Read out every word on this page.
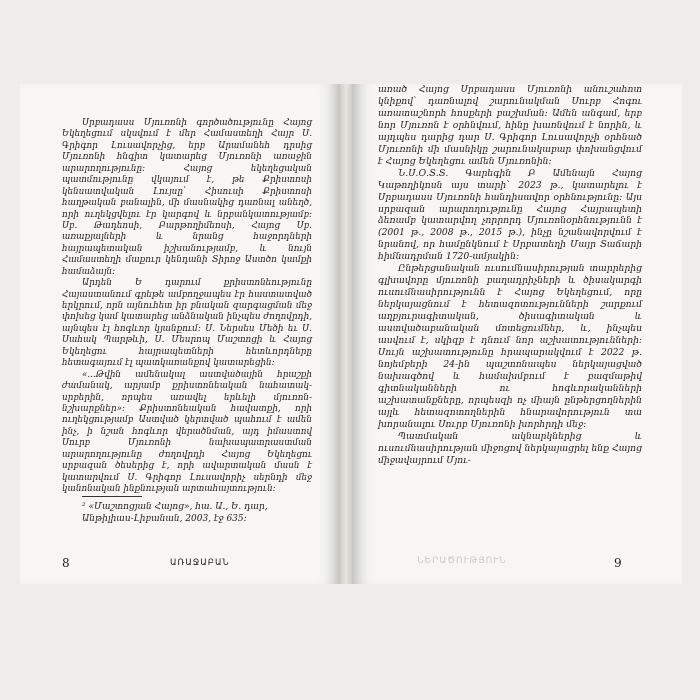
Սրբադասս Մյուռոնի գործածությունը Հայոց Եկեղեցում սկսվում է մեր Համաստեղի Հայր Ս. Գրիգոր Լուսավորչից, երբ Արամանեհ դրսից Մյուռոնի հնգիտ կատարեց Մյուռոնի առաջին արարողությունը: Հայոց եկեղեցական պատմությունը վկայում է, թե Քրիստոսի կենսատվական Լույսը՝ Հիսուսի Քրիստոսի հաղթական բանալին, մի մասնակից դառնալ անեղծ, որի ուղեկցվելու էր կարգով և նրբանկատությամբ: Սբ. Թադեոսի, Բարթողիմեոսի, Հայոց Սբ. առաքյալների և նրանց հաջորդների հայրապետական իշխանությամբ, և նույն Համաստեղի մաքուր կենդանի Տիրոջ Աստծո կամքի համաձայն:

Արդեն Ե դարում քրիստոնեությունը Հայաստանում գրեթե ամբողջապես էր հաստատված երկրում, որն այնուհետ իր բնական զարգացման մեջ փոխեց կամ կատարեց անձնական ինչպես ժողովրդի, այնպես էլ հոգևոր կյանքում: Ս. Ներսես Մեծի եւ Ս. Սահակ Պարթևի, Ս. Մեսրոպ Մաշտոցի և Հայոց Եկեղեցու հայրապետների հետևորդները հետագայում էլ պատկառանքով կատարեցին:

«...Թվին ամենակալ աստվածային հրաշքի ժամանակ, արյամբ քրիստոնեական նահատակ-սրբերին, որպես առավել երևելի մյուռոն-նշխարքներ»: Քրիստոնեական հավատքի, որի ուղեկցությամբ Աստված կերտված պահում է ամեն ինչ, ի նշան հոգևոր վերածնման, այդ իմաստով Սուրբ Մյուռոնի նախապատրաստման արարողությունը ժողովրդի Հայոց Եկեղեցու սրբազան ծեսերից է, որի ավարտական մասն է կատարվում Ս. Գրիգոր Լուսավորիչ սերնդի մեջ կանոնական ինքնության արտահայտություն:

² «Մաշտոցյան Հայոց», հա. Ա., Ե. դար, Անթիլիաս-Լիբանան, 2003, էջ 635:
8	ԱՌԱՋԱԲԱՆ

առած Հայոց Սրբադասս Մյուռոնի անուշահոտ կնիքով՝ դառնալով շարունակման Սուրբ Հոգու առատաշնորհ հոսքերի բաշխման: Ամեն անգամ, երբ նոր Մյուռոն է օրհնվում, հինը խառնվում է նորին, և այդպես դարից դար Ս. Գրիգոր Լուսավորչի օրհնած Մյուռոնի մի մասնիկը շարունակաբար փոխանցվում է Հայոց Եկեղեցու ամեն Մյուռոնին:

Ն.Ս.Օ.Տ.Տ. Գարեգին Բ Ամենայն Հայոց Կաթողիկոսն այս տարի՝ 2023 թ., կատարելու է Սրբադասս Մյուռոնի հանդիսավոր օրհնությունը: Այս սրբազան արարողությունը Հայոց Հայրապետի ձեռամբ կատարվող չորրորդ Մյուռոնօրհնությունն է (2001 թ., 2008 թ., 2015 թ.), ինչը նշանավորվում է նրանով, որ համընկնում է Սրբատեղի Մայր Տաճարի հիմնադրման 1720-ամյակին:

Ընթերցանական ուսումնասիրության տարրերից գլխավորը մյուռոնի բաղադրիչների և ծիսակարգի ուսումնասիրությունն է Հայոց Եկեղեցում, որը ներկայացնում է հետազոտությունների շարքում աղբյուրագիտական, ծիսագիտական և աստվածաբանական մոտեցումներ, և, ինչպես ասվում է, սկիզբ է դնում նոր աշխատությունների: Սույն աշխատությունը հրապարակվում է 2022 թ. նոյեմբերի 24-ին պաշտոնապես ներկայացված նախագծով և համախմբում է բազմաթիվ գիտնականների ու հոգևորականների աշխատանքները, որպեսզի ոչ միայն ընթերցողներին այլև հետազոտողներին հնարավորություն տա խորանալու Սուրբ Մյուռոնի խորհրդի մեջ:

Պատմական ակնարկներից և ուսումնասիրության միջոցով ներկայացրել ենք Հայոց միջավայրում Մյու-

ՆԵՐԱԾՈՒԹՅՈՒՆ	9
